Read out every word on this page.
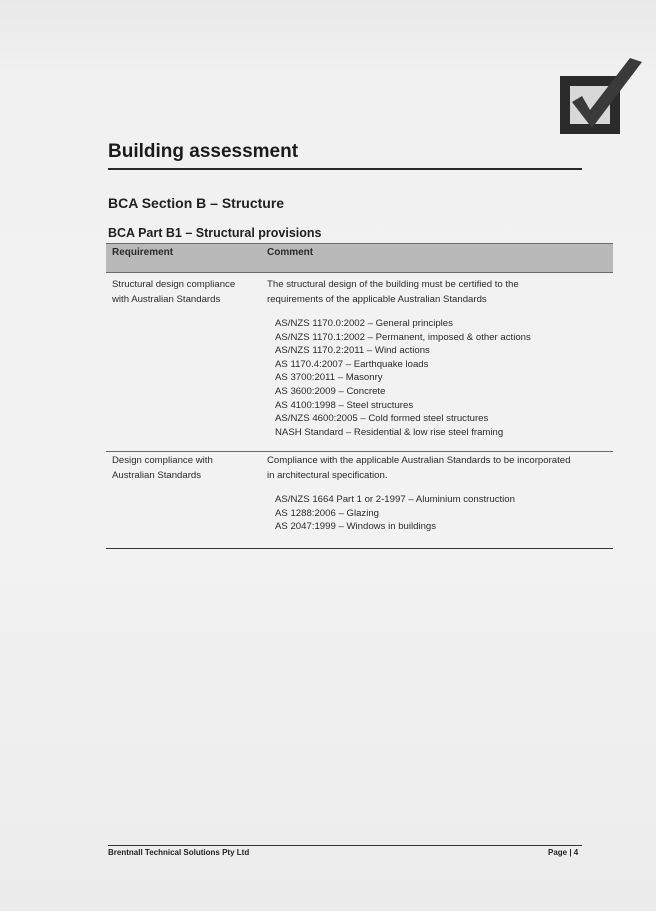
Building assessment
BCA Section B – Structure
BCA Part B1 – Structural provisions
Requirement	Comment
Structural design compliance
with Australian Standards
The structural design of the building must be certified to the
requirements of the applicable Australian Standards
AS/NZS 1170.0:2002 – General principles
AS/NZS 1170.1:2002 – Permanent, imposed & other actions
AS/NZS 1170.2:2011 – Wind actions
AS 1170.4:2007 – Earthquake loads
AS 3700:2011 – Masonry
AS 3600:2009 – Concrete
AS 4100:1998 – Steel structures
AS/NZS 4600:2005 – Cold formed steel structures
NASH Standard – Residential & low rise steel framing
Design compliance with
Australian Standards
Compliance with the applicable Australian Standards to be incorporated
in architectural specification.
AS/NZS 1664 Part 1 or 2-1997 – Aluminium construction
AS 1288:2006 – Glazing
AS 2047:1999 – Windows in buildings
Brentnall Technical Solutions Pty Ltd	Page | 4
